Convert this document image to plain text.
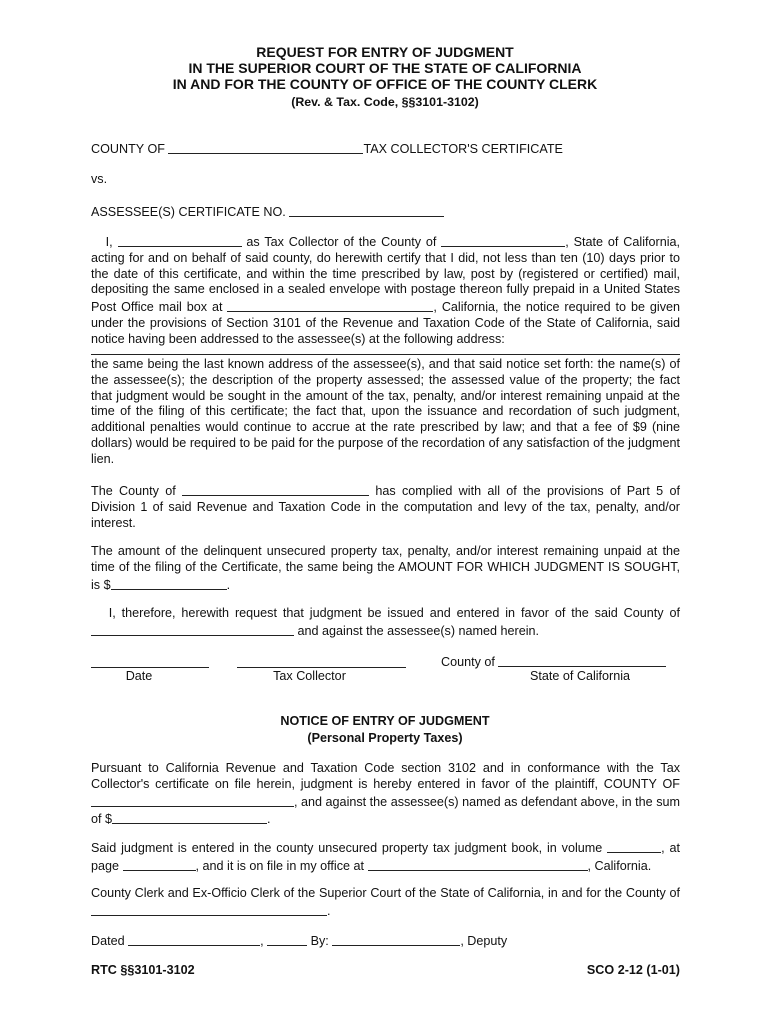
REQUEST FOR ENTRY OF JUDGMENT
IN THE SUPERIOR COURT OF THE STATE OF CALIFORNIA
IN AND FOR THE COUNTY OF OFFICE OF THE COUNTY CLERK
(Rev. & Tax. Code, §§3101-3102)
COUNTY OF	TAX COLLECTOR'S CERTIFICATE
vs.
ASSESSEE(S) CERTIFICATE NO.

I,	as Tax Collector of the County of	, State of California, acting for and on behalf of said county, do herewith certify that I did, not less than ten (10) days prior to the date of this certificate, and within the time prescribed by law, post by (registered or certified) mail, depositing the same enclosed in a sealed envelope with postage thereon fully prepaid in a United States Post Office mail box at	, California, the notice required to be given under the provisions of Section 3101 of the Revenue and Taxation Code of the State of California, said notice having been addressed to the assessee(s) at the following address:

the same being the last known address of the assessee(s), and that said notice set forth: the name(s) of the assessee(s); the description of the property assessed; the assessed value of the property; the fact that judgment would be sought in the amount of the tax, penalty, and/or interest remaining unpaid at the time of the filing of this certificate; the fact that, upon the issuance and recordation of such judgment, additional penalties would continue to accrue at the rate prescribed by law; and that a fee of $9 (nine dollars) would be required to be paid for the purpose of the recordation of any satisfaction of the judgment lien.

The County of	has complied with all of the provisions of Part 5 of Division 1 of said Revenue and Taxation Code in the computation and levy of the tax, penalty, and/or interest.

The amount of the delinquent unsecured property tax, penalty, and/or interest remaining unpaid at the time of the filing of the Certificate, the same being the AMOUNT FOR WHICH JUDGMENT IS SOUGHT, is $	.

I, therefore, herewith request that judgment be issued and entered in favor of the said County of  and against the assessee(s) named herein.

County of
Date	Tax Collector	State of California
NOTICE OF ENTRY OF JUDGMENT
(Personal Property Taxes)

Pursuant to California Revenue and Taxation Code section 3102 and in conformance with the Tax Collector's certificate on file herein, judgment is hereby entered in favor of the plaintiff, COUNTY OF , and against the assessee(s) named as defendant above, in the sum of $	.

Said judgment is entered in the county unsecured property tax judgment book, in volume	, at page	, and it is on file in my office at	, California.

County Clerk and Ex-Officio Clerk of the Superior Court of the State of California, in and for the County of .

Dated	,	By:	, Deputy
RTC §§3101-3102	SCO 2-12 (1-01)
